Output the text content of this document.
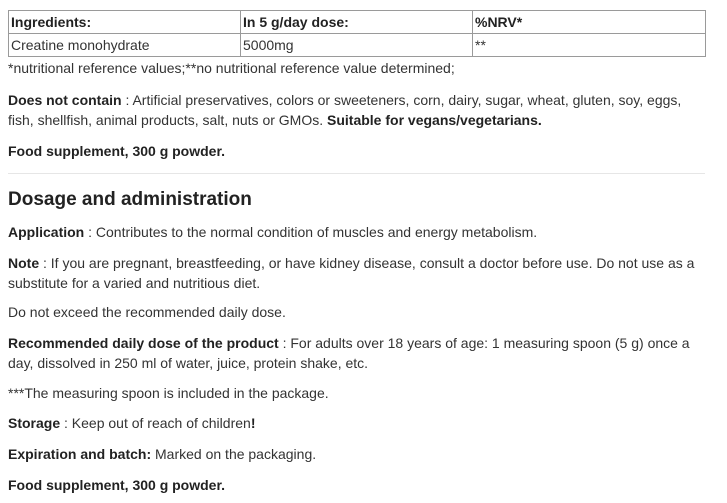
Ingredients:	In 5 g/day dose:	%NRV*
Creatine monohydrate	5000mg	**

*nutritional reference values;**no nutritional reference value determined;

Does not contain : Artificial preservatives, colors or sweeteners, corn, dairy, sugar, wheat, gluten, soy, eggs, fish, shellfish, animal products, salt, nuts or GMOs. Suitable for vegans/vegetarians.

Food supplement, 300 g powder.

Dosage and administration

Application : Contributes to the normal condition of muscles and energy metabolism.

Note : If you are pregnant, breastfeeding, or have kidney disease, consult a doctor before use. Do not use as a substitute for a varied and nutritious diet.

Do not exceed the recommended daily dose.

Recommended daily dose of the product : For adults over 18 years of age: 1 measuring spoon (5 g) once a day, dissolved in 250 ml of water, juice, protein shake, etc.

***The measuring spoon is included in the package.

Storage : Keep out of reach of children!

Expiration and batch: Marked on the packaging.

Food supplement, 300 g powder.
